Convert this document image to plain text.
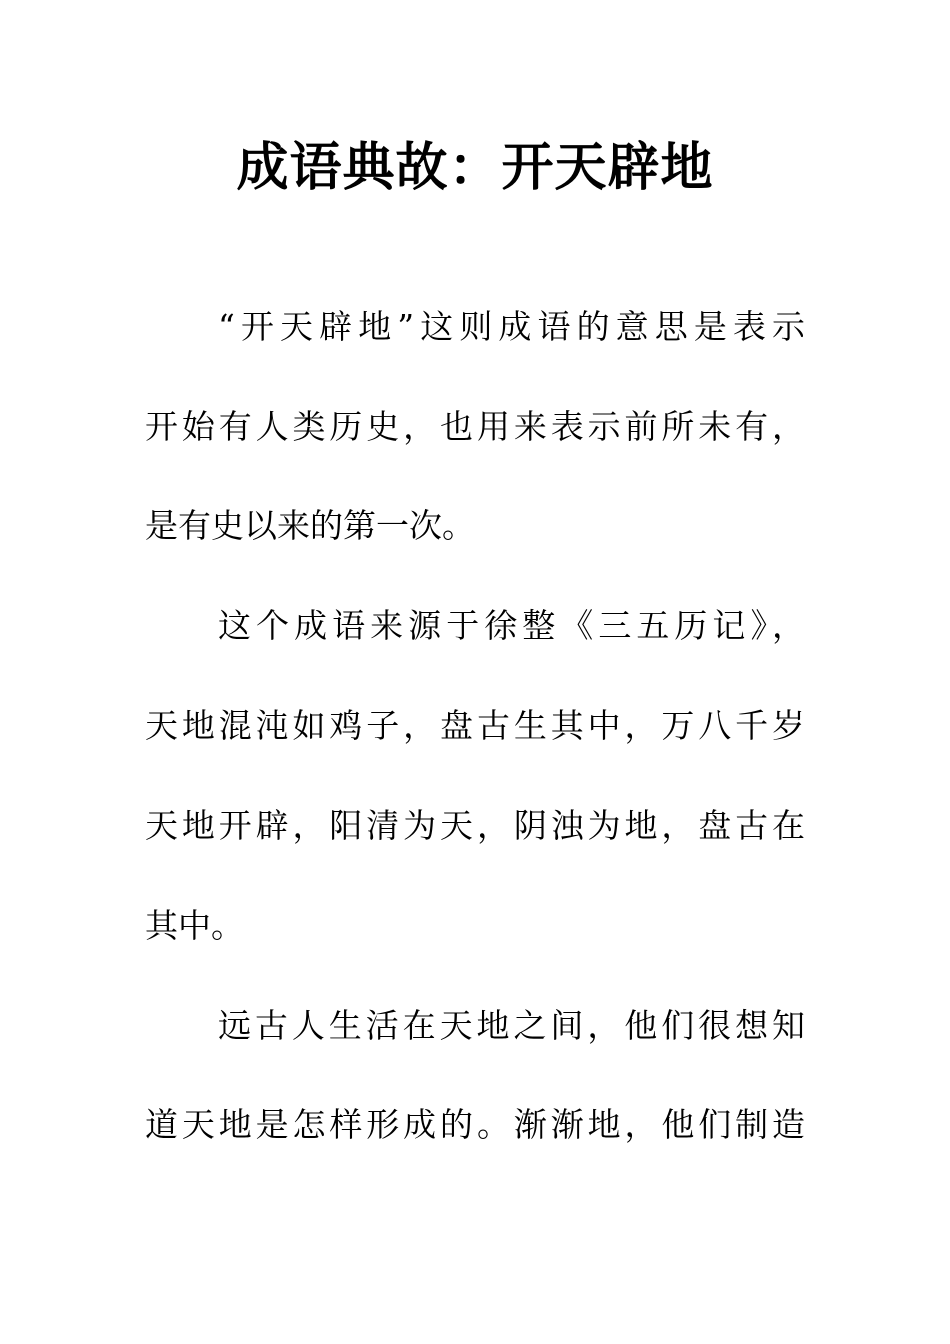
成语典故：开天辟地
“开天辟地”这则成语的意思是表示
开始有人类历史，也用来表示前所未有，
是有史以来的第一次。
这个成语来源于徐整《三五历记》，
天地混沌如鸡子，盘古生其中，万八千岁
天地开辟，阳清为天，阴浊为地，盘古在
其中。
远古人生活在天地之间，他们很想知
道天地是怎样形成的。渐渐地，他们制造
